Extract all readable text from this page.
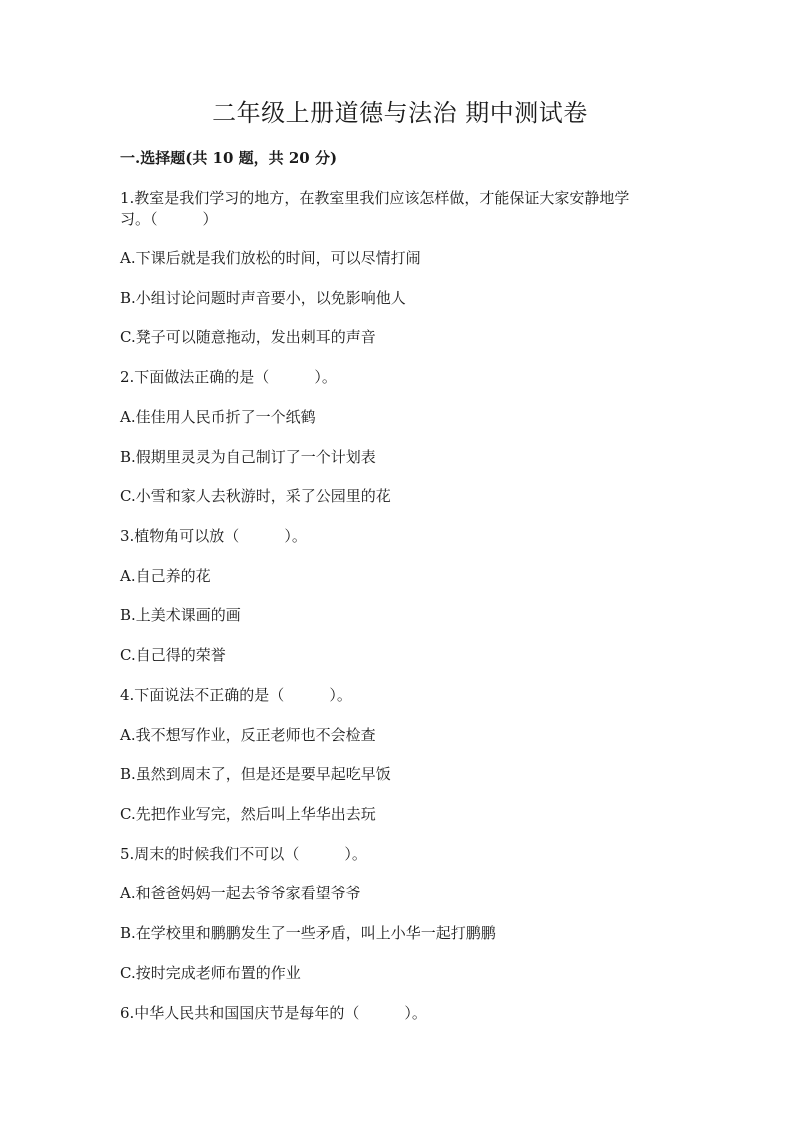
二年级上册道德与法治 期中测试卷
一.选择题(共 10 题，共 20 分)
1.教室是我们学习的地方，在教室里我们应该怎样做，才能保证大家安静地学
习。（　　　）
A.下课后就是我们放松的时间，可以尽情打闹
B.小组讨论问题时声音要小，以免影响他人
C.凳子可以随意拖动，发出刺耳的声音
2.下面做法正确的是（　　　）。
A.佳佳用人民币折了一个纸鹤
B.假期里灵灵为自己制订了一个计划表
C.小雪和家人去秋游时，采了公园里的花
3.植物角可以放（　　　）。
A.自己养的花
B.上美术课画的画
C.自己得的荣誉
4.下面说法不正确的是（　　　）。
A.我不想写作业，反正老师也不会检查
B.虽然到周末了，但是还是要早起吃早饭
C.先把作业写完，然后叫上华华出去玩
5.周末的时候我们不可以（　　　）。
A.和爸爸妈妈一起去爷爷家看望爷爷
B.在学校里和鹏鹏发生了一些矛盾，叫上小华一起打鹏鹏
C.按时完成老师布置的作业
6.中华人民共和国国庆节是每年的（　　　）。
